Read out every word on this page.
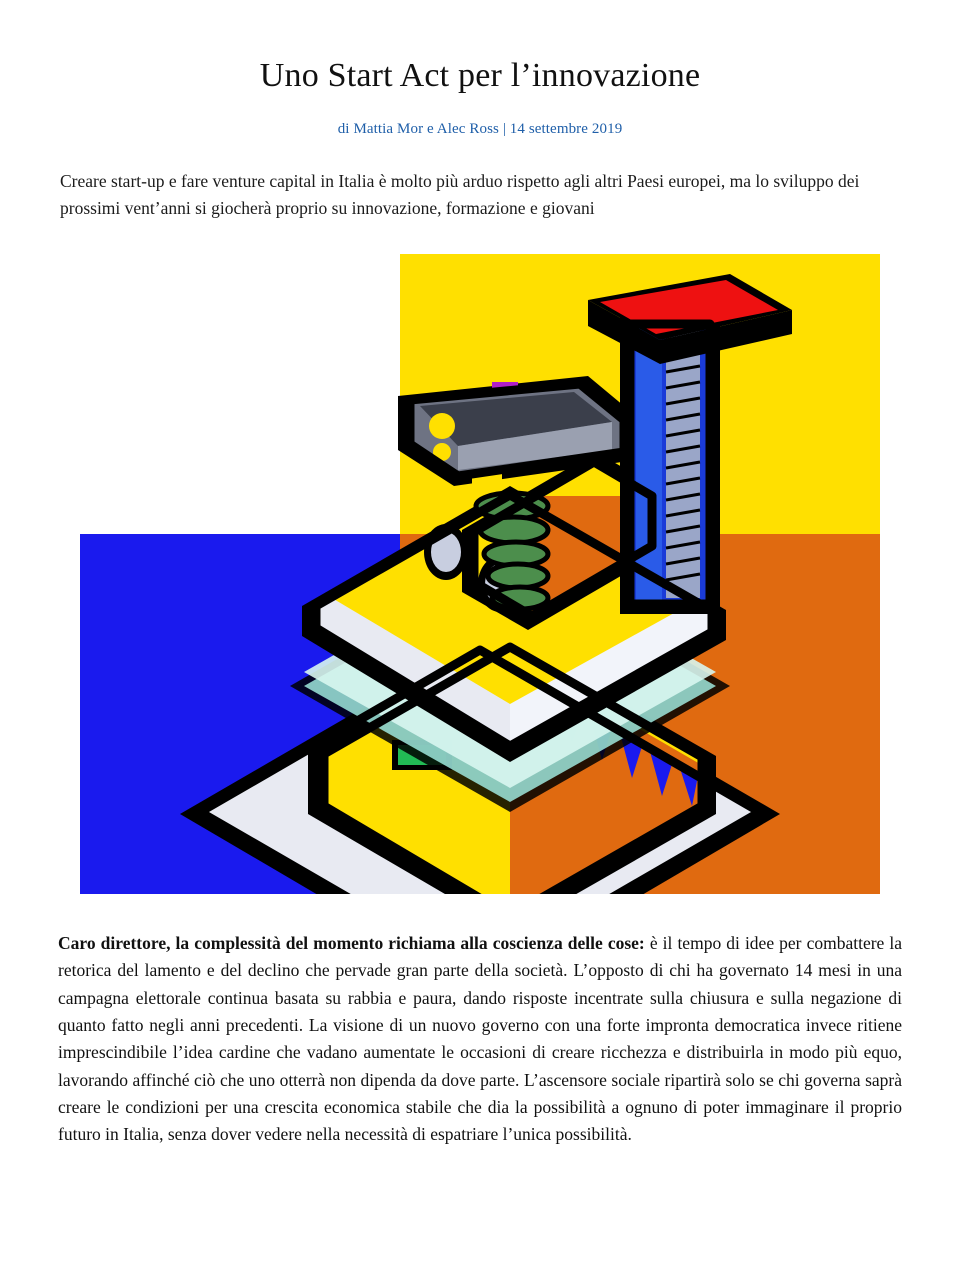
Uno Start Act per l’innovazione
di Mattia Mor e Alec Ross | 14 settembre 2019

Creare start-up e fare venture capital in Italia è molto più arduo rispetto agli altri Paesi europei, ma lo sviluppo dei prossimi vent’anni si giocherà proprio su innovazione, formazione e giovani

Caro direttore, la complessità del momento richiama alla coscienza delle cose: è il tempo di idee per combattere la retorica del lamento e del declino che pervade gran parte della società. L’opposto di chi ha governato 14 mesi in una campagna elettorale continua basata su rabbia e paura, dando risposte incentrate sulla chiusura e sulla negazione di quanto fatto negli anni precedenti. La visione di un nuovo governo con una forte impronta democratica invece ritiene imprescindibile l’idea cardine che vadano aumentate le occasioni di creare ricchezza e distribuirla in modo più equo, lavorando affinché ciò che uno otterrà non dipenda da dove parte. L’ascensore sociale ripartirà solo se chi governa saprà creare le condizioni per una crescita economica stabile che dia la possibilità a ognuno di poter immaginare il proprio futuro in Italia, senza dover vedere nella necessità di espatriare l’unica possibilità.
